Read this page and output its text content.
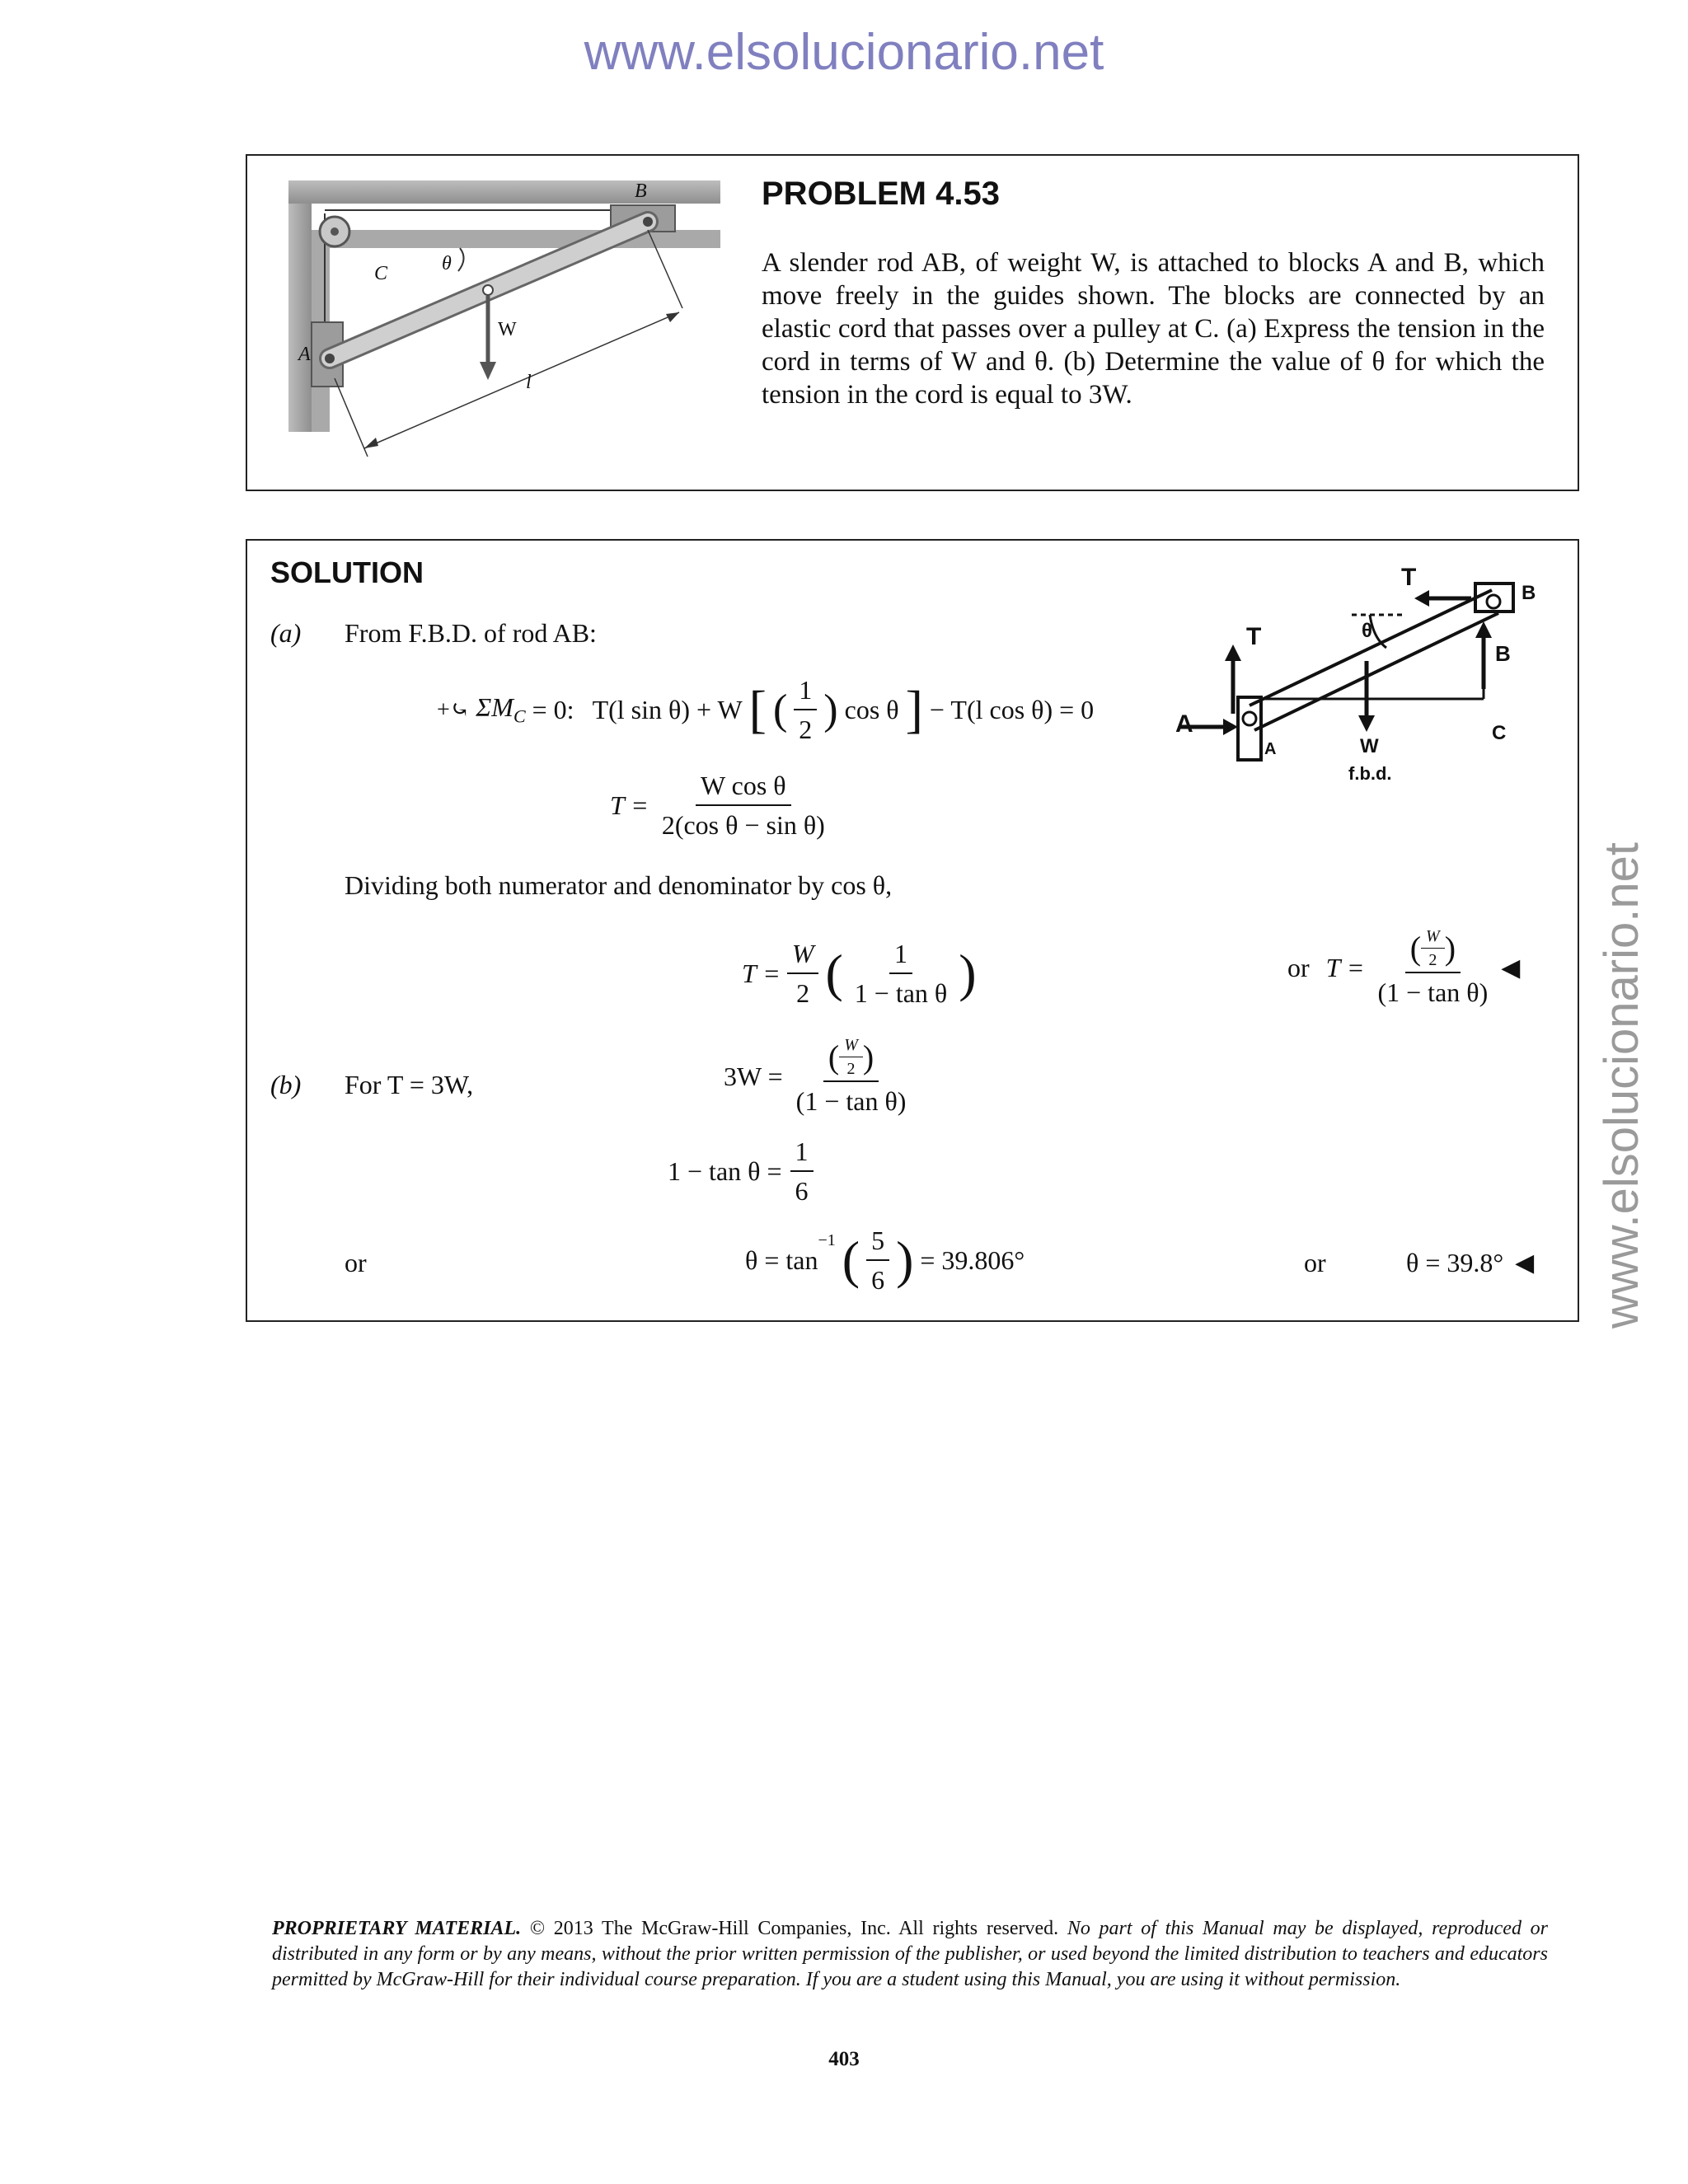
www.elsolucionario.net
www.elsolucionario.net
B
C	θ
W
A
l
PROBLEM 4.53
A slender rod AB, of weight W, is attached to blocks A and B, which move freely in the guides shown. The blocks are connected by an elastic cord that passes over a pulley at C. (a) Express the tension in the cord in terms of W and θ. (b) Determine the value of θ for which the tension in the cord is equal to 3W.
SOLUTION
(a) From F.B.D. of rod AB:
+⤿ $\Sigma M_C = 0$: T(l sin θ) + W [ ( $\frac{1}{2}$ ) cos θ ] − T(l cos θ) = 0
$T = \frac{\text{W cos θ}}{\text{2(cos θ − sin θ)}}$
Dividing both numerator and denominator by cos θ,
$T = \frac{W}{2}$ ( $\frac{1}{\text{1 − tan θ}}$ )	or $T = \frac{( \frac{W}{2} )}{\text{(1 − tan θ)}}$ ◀
(b) For T = 3W,	$3W = \frac{( \frac{W}{2} )}{\text{(1 − tan θ)}}$
$1 - \tan \theta = \frac{1}{6}$
or	θ = tan
$^{-1}$ ( $\frac{5}{6}$ ) = 39.806°	or	θ = 39.8° ◀
T
B
θ
T
B
A
A	W
C
f.b.d.
PROPRIETARY MATERIAL. © 2013 The McGraw-Hill Companies, Inc. All rights reserved. No part of this Manual may be displayed, reproduced or distributed in any form or by any means, without the prior written permission of the publisher, or used beyond the limited distribution to teachers and educators permitted by McGraw-Hill for their individual course preparation. If you are a student using this Manual, you are using it without permission.
403
